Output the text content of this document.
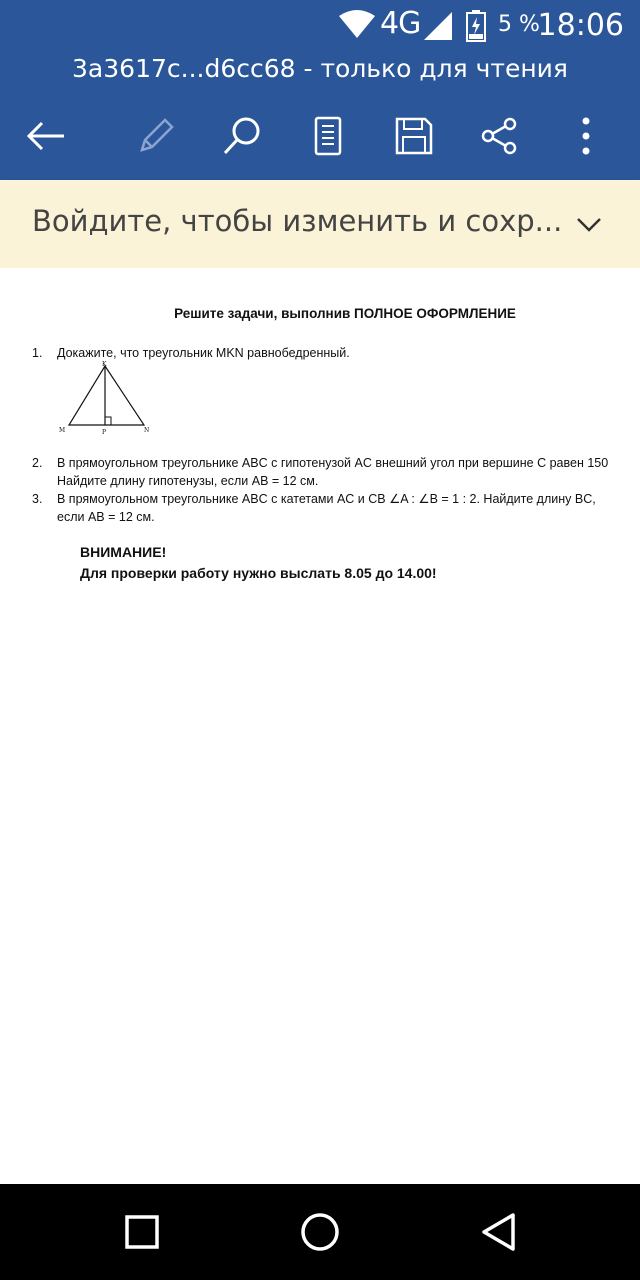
4G	5 %
18:06
3a3617c...d6cc68 - только для чтения
Войдите, чтобы изменить и сохр...
Решите задачи, выполнив ПОЛНОЕ ОФОРМЛЕНИЕ
1. Докажите, что треугольник MKN равнобедренный.
K
M	P	N
2. В прямоугольном треугольнике ABC с гипотенузой AC внешний угол при вершине C равен 150
Найдите длину гипотенузы, если AB = 12 см.
3. В прямоугольном треугольнике ABC с катетами AC и CB ∠A : ∠B = 1 : 2. Найдите длину BC,
если AB = 12 см.
ВНИМАНИЕ!
Для проверки работу нужно выслать 8.05 до 14.00!
